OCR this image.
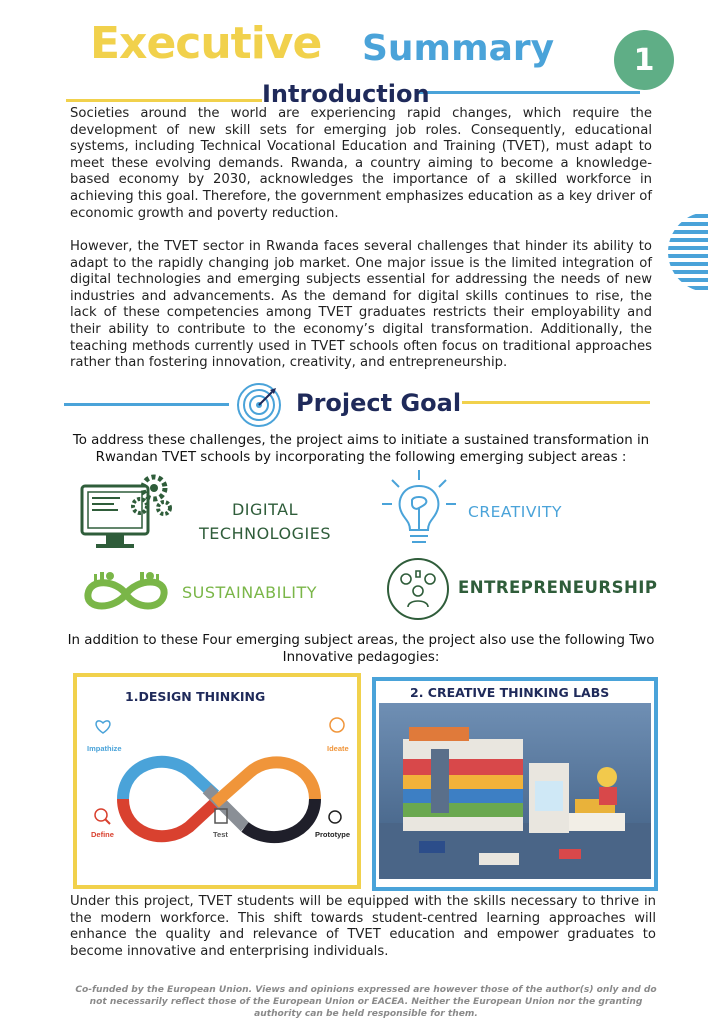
Executive Summary	1
Introduction

Societies around the world are experiencing rapid changes, which require the development of new skill sets for emerging job roles. Consequently, educational systems, including Technical Vocational Education and Training (TVET), must adapt to meet these evolving demands. Rwanda, a country aiming to become a knowledge-based economy by 2030, acknowledges the importance of a skilled workforce in achieving this goal. Therefore, the government emphasizes education as a key driver of economic growth and poverty reduction.

However, the TVET sector in Rwanda faces several challenges that hinder its ability to adapt to the rapidly changing job market. One major issue is the limited integration of digital technologies and emerging subjects essential for addressing the needs of new industries and advancements. As the demand for digital skills continues to rise, the lack of these competencies among TVET graduates restricts their employability and their ability to contribute to the economy’s digital transformation. Additionally, the teaching methods currently used in TVET schools often focus on traditional approaches rather than fostering innovation, creativity, and entrepreneurship.

Project Goal

To address these challenges, the project aims to initiate a sustained transformation in Rwandan TVET schools by incorporating the following emerging subject areas :

DIGITAL
TECHNOLOGIES
CREATIVITY
SUSTAINABILITY	ENTREPRENEURSHIP

In addition to these Four emerging subject areas, the project also use the following Two Innovative pedagogies:

1.DESIGN THINKING
Impathize	Ideate
Define	Test	Prototype
2. CREATIVE THINKING LABS

Under this project, TVET students will be equipped with the skills necessary to thrive in the modern workforce. This shift towards student-centred learning approaches will enhance the quality and relevance of TVET education and empower graduates to become innovative and enterprising individuals.

Co-funded by the European Union. Views and opinions expressed are however those of the author(s) only and do not necessarily reflect those of the European Union or EACEA. Neither the European Union nor the granting authority can be held responsible for them.
